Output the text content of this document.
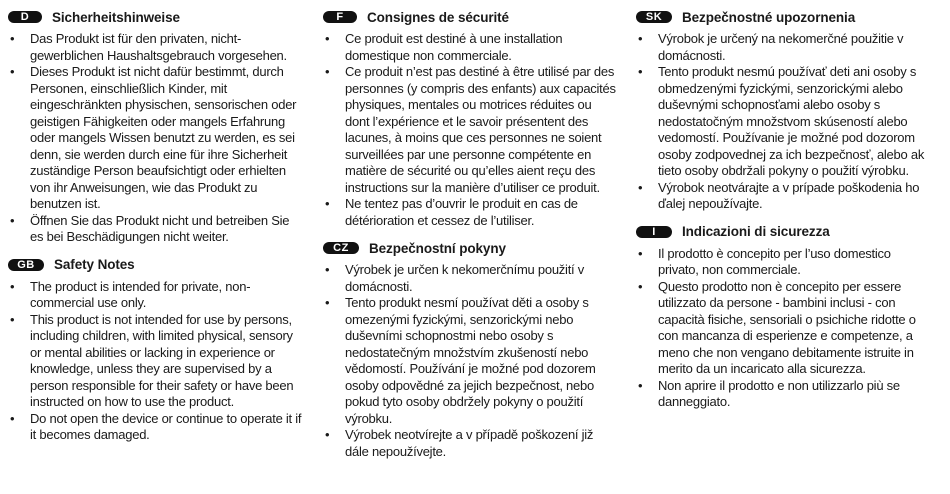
D	Sicherheitshinweise
• Das Produkt ist für den privaten, nicht-gewerblichen Haushaltsgebrauch vorgesehen.
• Dieses Produkt ist nicht dafür bestimmt, durch Personen, einschließlich Kinder, mit eingeschränkten physischen, sensorischen oder geistigen Fähigkeiten oder mangels Erfahrung oder mangels Wissen benutzt zu werden, es sei denn, sie werden durch eine für ihre Sicherheit zuständige Person beaufsichtigt oder erhielten von ihr Anweisungen, wie das Produkt zu benutzen ist.
• Öffnen Sie das Produkt nicht und betreiben Sie es bei Beschädigungen nicht weiter.
GB	Safety Notes
• The product is intended for private, non-commercial use only.
• This product is not intended for use by persons, including children, with limited physical, sensory or mental abilities or lacking in experience or knowledge, unless they are supervised by a person responsible for their safety or have been instructed on how to use the product.
• Do not open the device or continue to operate it if it becomes damaged.
F	Consignes de sécurité
• Ce produit est destiné à une installation domestique non commerciale.
• Ce produit n’est pas destiné à être utilisé par des personnes (y compris des enfants) aux capacités physiques, mentales ou motrices réduites ou dont l’expérience et le savoir présentent des lacunes, à moins que ces personnes ne soient surveillées par une personne compétente en matière de sécurité ou qu’elles aient reçu des instructions sur la manière d’utiliser ce produit.
• Ne tentez pas d’ouvrir le produit en cas de détérioration et cessez de l’utiliser.
CZ	Bezpečnostní pokyny
• Výrobek je určen k nekomerčnímu použití v domácnosti.
• Tento produkt nesmí používat děti a osoby s omezenými fyzickými, senzorickými nebo duševními schopnostmi nebo osoby s nedostatečným množstvím zkušeností nebo vědomostí. Používání je možné pod dozorem osoby odpovědné za jejich bezpečnost, nebo pokud tyto osoby obdržely pokyny o použití výrobku.
• Výrobek neotvírejte a v případě poškození již dále nepoužívejte.
SK	Bezpečnostné upozornenia
• Výrobok je určený na nekomerčné použitie v domácnosti.
• Tento produkt nesmú používať deti ani osoby s obmedzenými fyzickými, senzorickými alebo duševnými schopnosťami alebo osoby s nedostatočným množstvom skúseností alebo vedomostí. Používanie je možné pod dozorom osoby zodpovednej za ich bezpečnosť, alebo ak tieto osoby obdržali pokyny o použití výrobku.
• Výrobok neotvárajte a v prípade poškodenia ho ďalej nepoužívajte.
I	Indicazioni di sicurezza
• Il prodotto è concepito per l’uso domestico privato, non commerciale.
• Questo prodotto non è concepito per essere utilizzato da persone - bambini inclusi - con capacità fisiche, sensoriali o psichiche ridotte o con mancanza di esperienze e competenze, a meno che non vengano debitamente istruite in merito da un incaricato alla sicurezza.
• Non aprire il prodotto e non utilizzarlo più se danneggiato.
